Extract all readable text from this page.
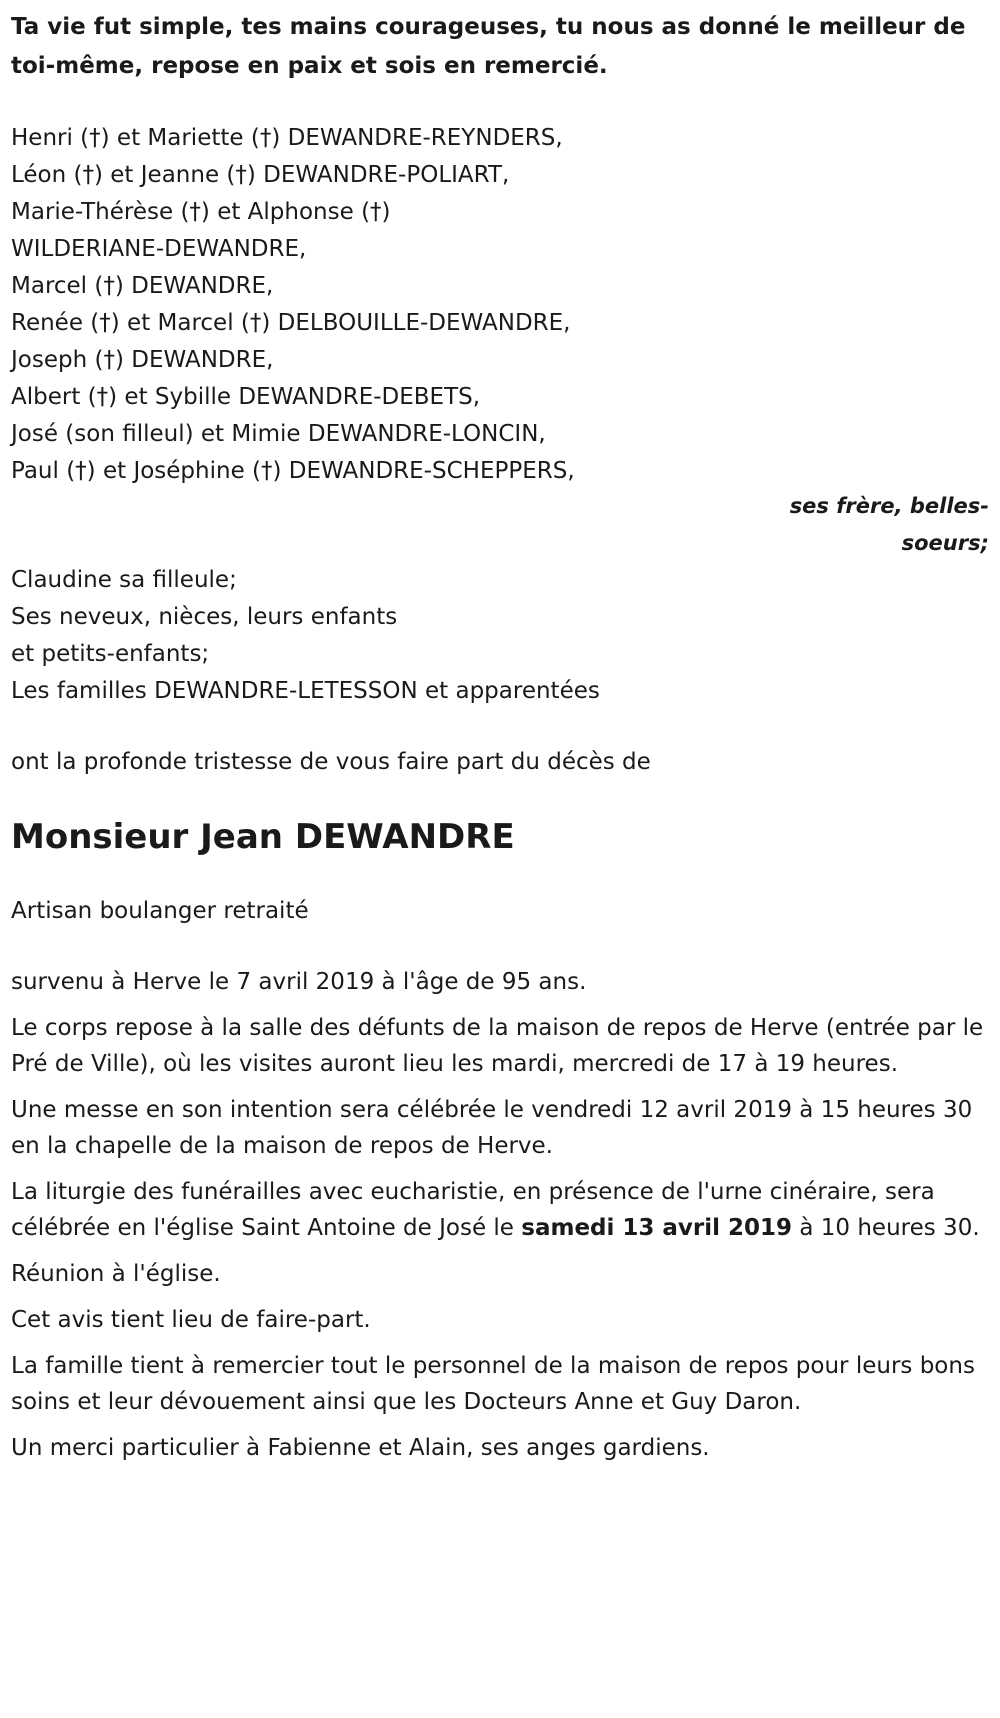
Ta vie fut simple, tes mains courageuses, tu nous as donné le meilleur de toi-même, repose en paix et sois en remercié.

Henri (†) et Mariette (†) DEWANDRE-REYNDERS,
Léon (†) et Jeanne (†) DEWANDRE-POLIART,
Marie-Thérèse (†) et Alphonse (†)
WILDERIANE-DEWANDRE,
Marcel (†) DEWANDRE,
Renée (†) et Marcel (†) DELBOUILLE-DEWANDRE,
Joseph (†) DEWANDRE,
Albert (†) et Sybille DEWANDRE-DEBETS,
José (son filleul) et Mimie DEWANDRE-LONCIN,
Paul (†) et Joséphine (†) DEWANDRE-SCHEPPERS,

ses frère, belles-soeurs;

Claudine sa filleule;
Ses neveux, nièces, leurs enfants
et petits-enfants;
Les familles DEWANDRE-LETESSON et apparentées

ont la profonde tristesse de vous faire part du décès de

Monsieur Jean DEWANDRE

Artisan boulanger retraité

survenu à Herve le 7 avril 2019 à l'âge de 95 ans.

Le corps repose à la salle des défunts de la maison de repos de Herve (entrée par le Pré de Ville), où les visites auront lieu les mardi, mercredi de 17 à 19 heures.

Une messe en son intention sera célébrée le vendredi 12 avril 2019 à 15 heures 30 en la chapelle de la maison de repos de Herve.

La liturgie des funérailles avec eucharistie, en présence de l'urne cinéraire, sera célébrée en l'église Saint Antoine de José le samedi 13 avril 2019 à 10 heures 30.

Réunion à l'église.

Cet avis tient lieu de faire-part.

La famille tient à remercier tout le personnel de la maison de repos pour leurs bons soins et leur dévouement ainsi que les Docteurs Anne et Guy Daron.

Un merci particulier à Fabienne et Alain, ses anges gardiens.
